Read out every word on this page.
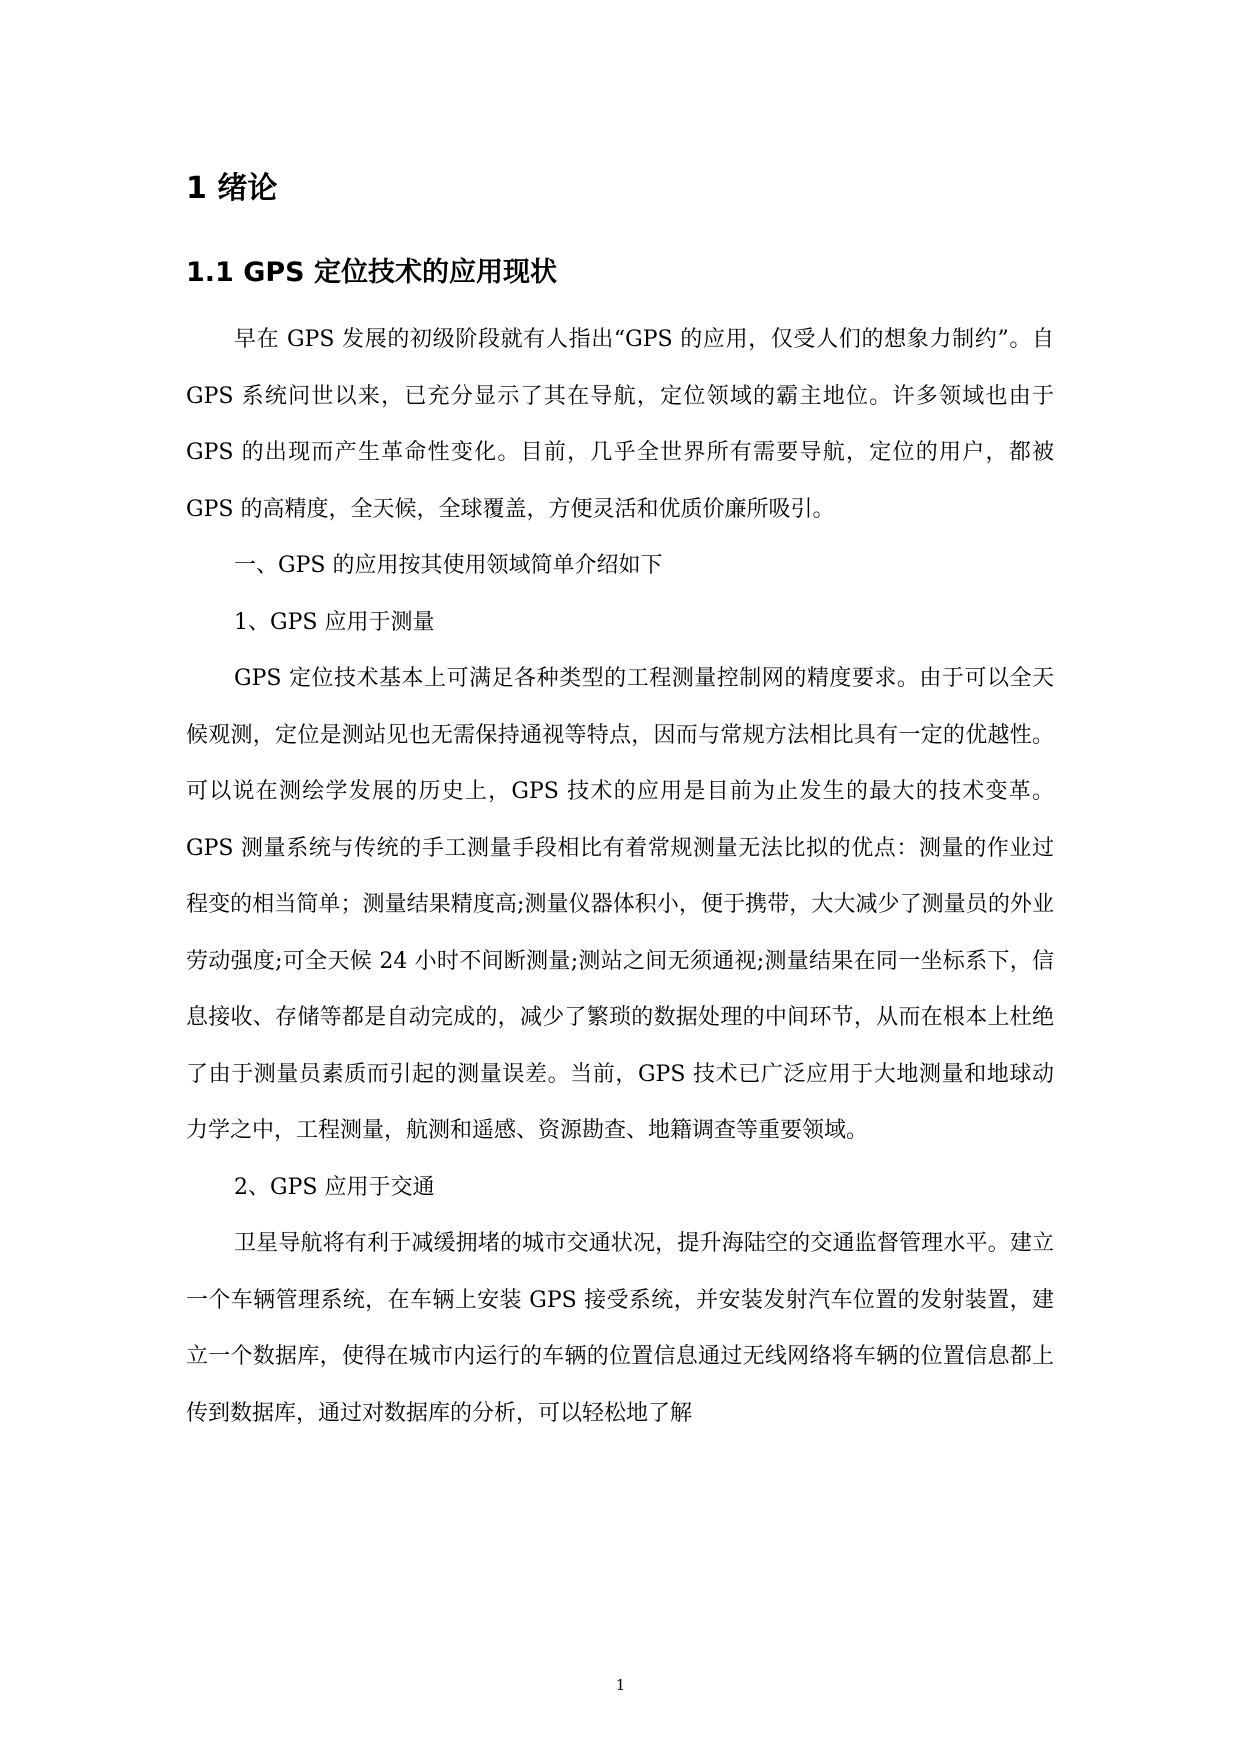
1 绪论
1.1 GPS 定位技术的应用现状

早在 GPS 发展的初级阶段就有人指出“GPS 的应用，仅受人们的想象力制约”。自 GPS 系统问世以来，已充分显示了其在导航，定位领域的霸主地位。许多领域也由于 GPS 的出现而产生革命性变化。目前，几乎全世界所有需要导航，定位的用户，都被 GPS 的高精度，全天候，全球覆盖，方便灵活和优质价廉所吸引。

一、GPS 的应用按其使用领域简单介绍如下

1、GPS 应用于测量

GPS 定位技术基本上可满足各种类型的工程测量控制网的精度要求。由于可以全天候观测，定位是测站见也无需保持通视等特点，因而与常规方法相比具有一定的优越性。可以说在测绘学发展的历史上，GPS 技术的应用是目前为止发生的最大的技术变革。GPS 测量系统与传统的手工测量手段相比有着常规测量无法比拟的优点：测量的作业过程变的相当简单；测量结果精度高;测量仪器体积小，便于携带，大大减少了测量员的外业劳动强度;可全天候 24 小时不间断测量;测站之间无须通视;测量结果在同一坐标系下，信息接收、存储等都是自动完成的，减少了繁琐的数据处理的中间环节，从而在根本上杜绝了由于测量员素质而引起的测量误差。当前，GPS 技术已广泛应用于大地测量和地球动力学之中，工程测量，航测和遥感、资源勘查、地籍调查等重要领域。

2、GPS 应用于交通

卫星导航将有利于减缓拥堵的城市交通状况，提升海陆空的交通监督管理水平。建立一个车辆管理系统，在车辆上安装 GPS 接受系统，并安装发射汽车位置的发射装置，建立一个数据库，使得在城市内运行的车辆的位置信息通过无线网络将车辆的位置信息都上传到数据库，通过对数据库的分析，可以轻松地了解

1
